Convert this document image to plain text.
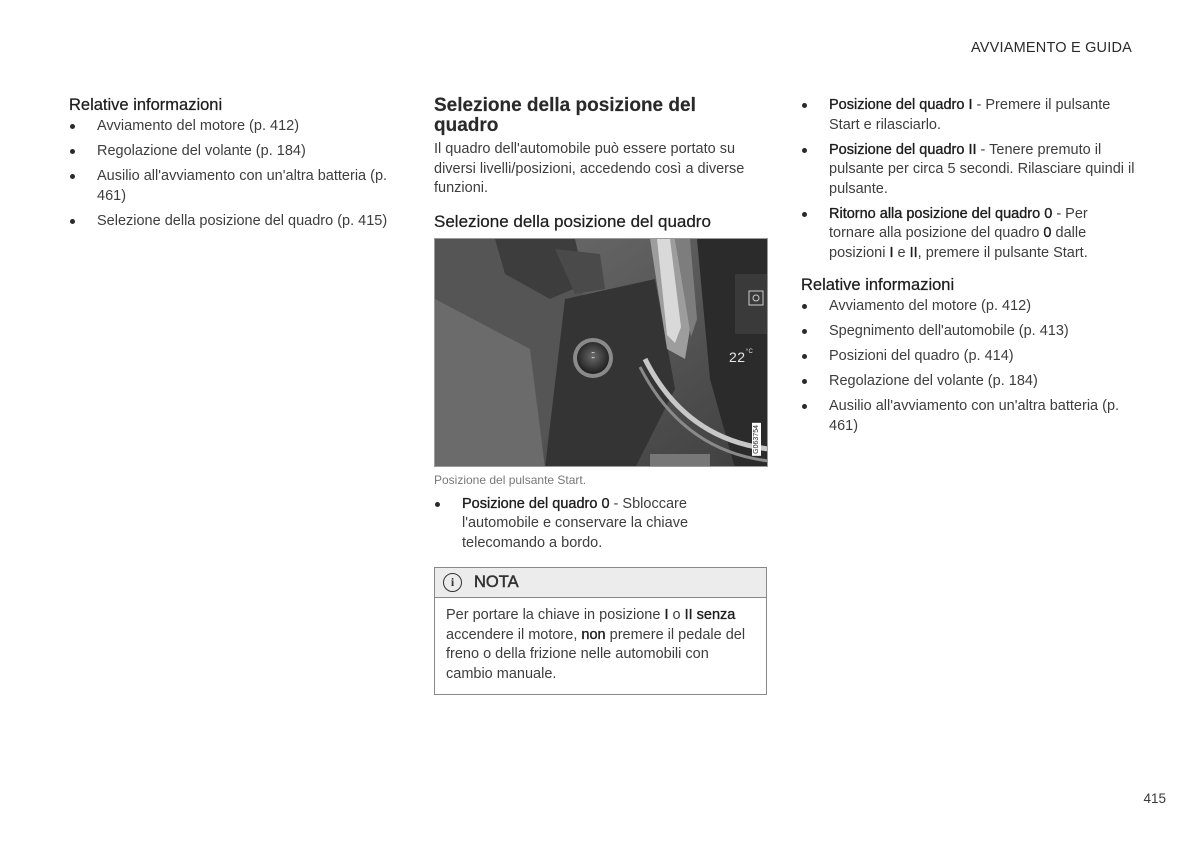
AVVIAMENTO E GUIDA
Relative informazioni
Avviamento del motore (p. 412)
Regolazione del volante (p. 184)
Ausilio all'avviamento con un'altra batteria (p. 461)
Selezione della posizione del quadro (p. 415)
Selezione della posizione del quadro

Il quadro dell'automobile può essere portato su diversi livelli/posizioni, accedendo così a diverse funzioni.

Selezione della posizione del quadro
▪▪
▪▪	$22^{^\circ C}$
G063754
Posizione del pulsante Start.
Posizione del quadro 0 - Sbloccare l'automobile e conservare la chiave telecomando a bordo.
i	NOTA
Per portare la chiave in posizione I o II senza accendere il motore, non premere il pedale del freno o della frizione nelle automobili con cambio manuale.
Posizione del quadro I - Premere il pulsante Start e rilasciarlo.
Posizione del quadro II - Tenere premuto il pulsante per circa 5 secondi. Rilasciare quindi il pulsante.
Ritorno alla posizione del quadro 0 - Per tornare alla posizione del quadro 0 dalle posizioni I e II, premere il pulsante Start.
Relative informazioni
Avviamento del motore (p. 412)
Spegnimento dell'automobile (p. 413)
Posizioni del quadro (p. 414)
Regolazione del volante (p. 184)
Ausilio all'avviamento con un'altra batteria (p. 461)
415
